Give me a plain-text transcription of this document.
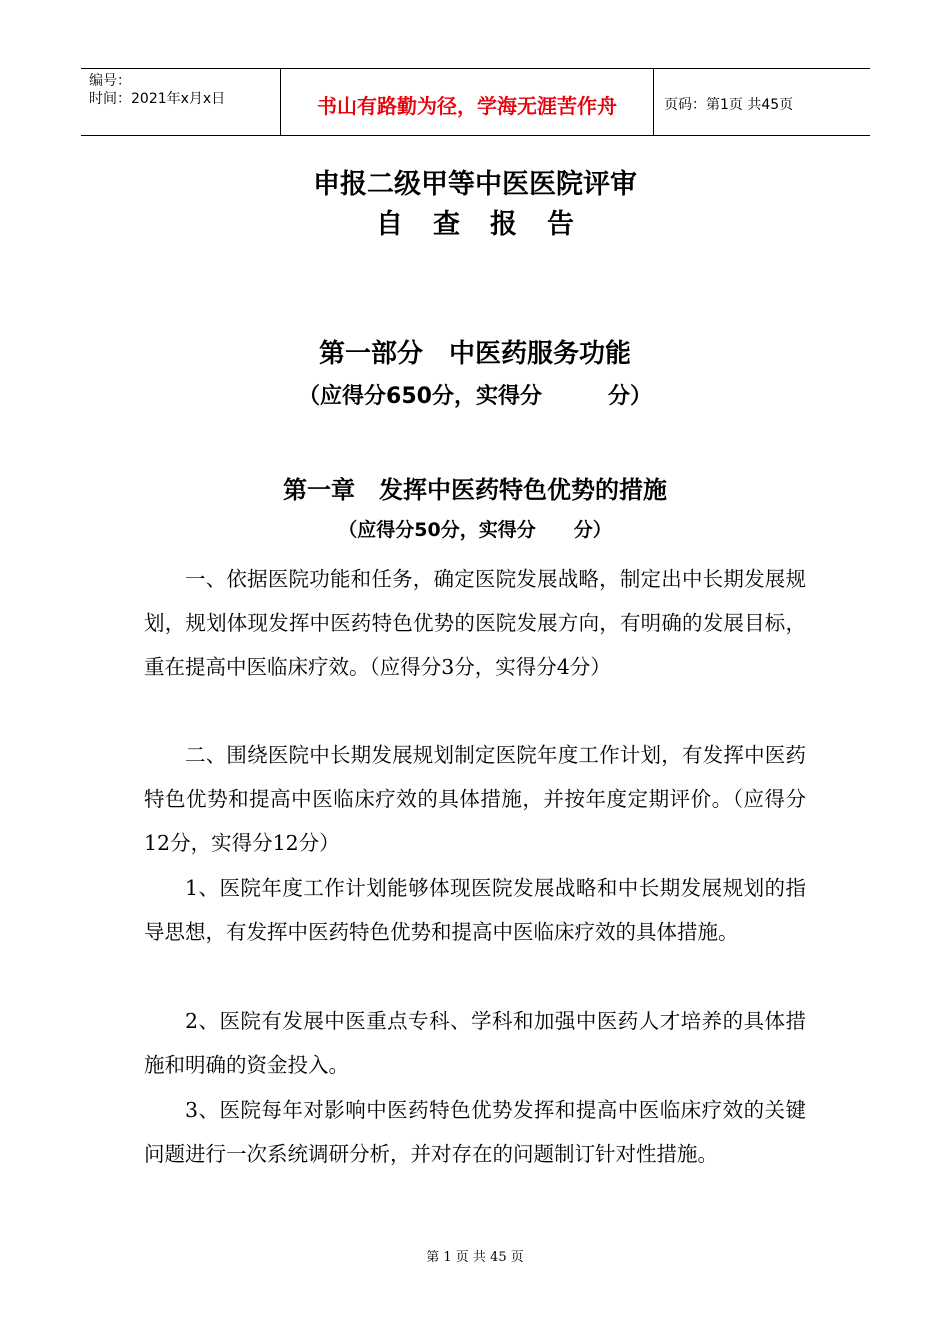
编号：
时间：2021年x月x日	书山有路勤为径，学海无涯苦作舟	页码：第1页 共45页
申报二级甲等中医医院评审
自查报告
第一部分　中医药服务功能
（应得分650分，实得分　　　分）
第一章　发挥中医药特色优势的措施
（应得分50分，实得分　　分）

一、依据医院功能和任务，确定医院发展战略，制定出中长期发展规划，规划体现发挥中医药特色优势的医院发展方向，有明确的发展目标，重在提高中医临床疗效。（应得分3分，实得分4分）

二、围绕医院中长期发展规划制定医院年度工作计划，有发挥中医药特色优势和提高中医临床疗效的具体措施，并按年度定期评价。（应得分12分，实得分12分）

1、医院年度工作计划能够体现医院发展战略和中长期发展规划的指导思想，有发挥中医药特色优势和提高中医临床疗效的具体措施。

2、医院有发展中医重点专科、学科和加强中医药人才培养的具体措施和明确的资金投入。

3、医院每年对影响中医药特色优势发挥和提高中医临床疗效的关键问题进行一次系统调研分析，并对存在的问题制订针对性措施。

第 1 页 共 45 页
